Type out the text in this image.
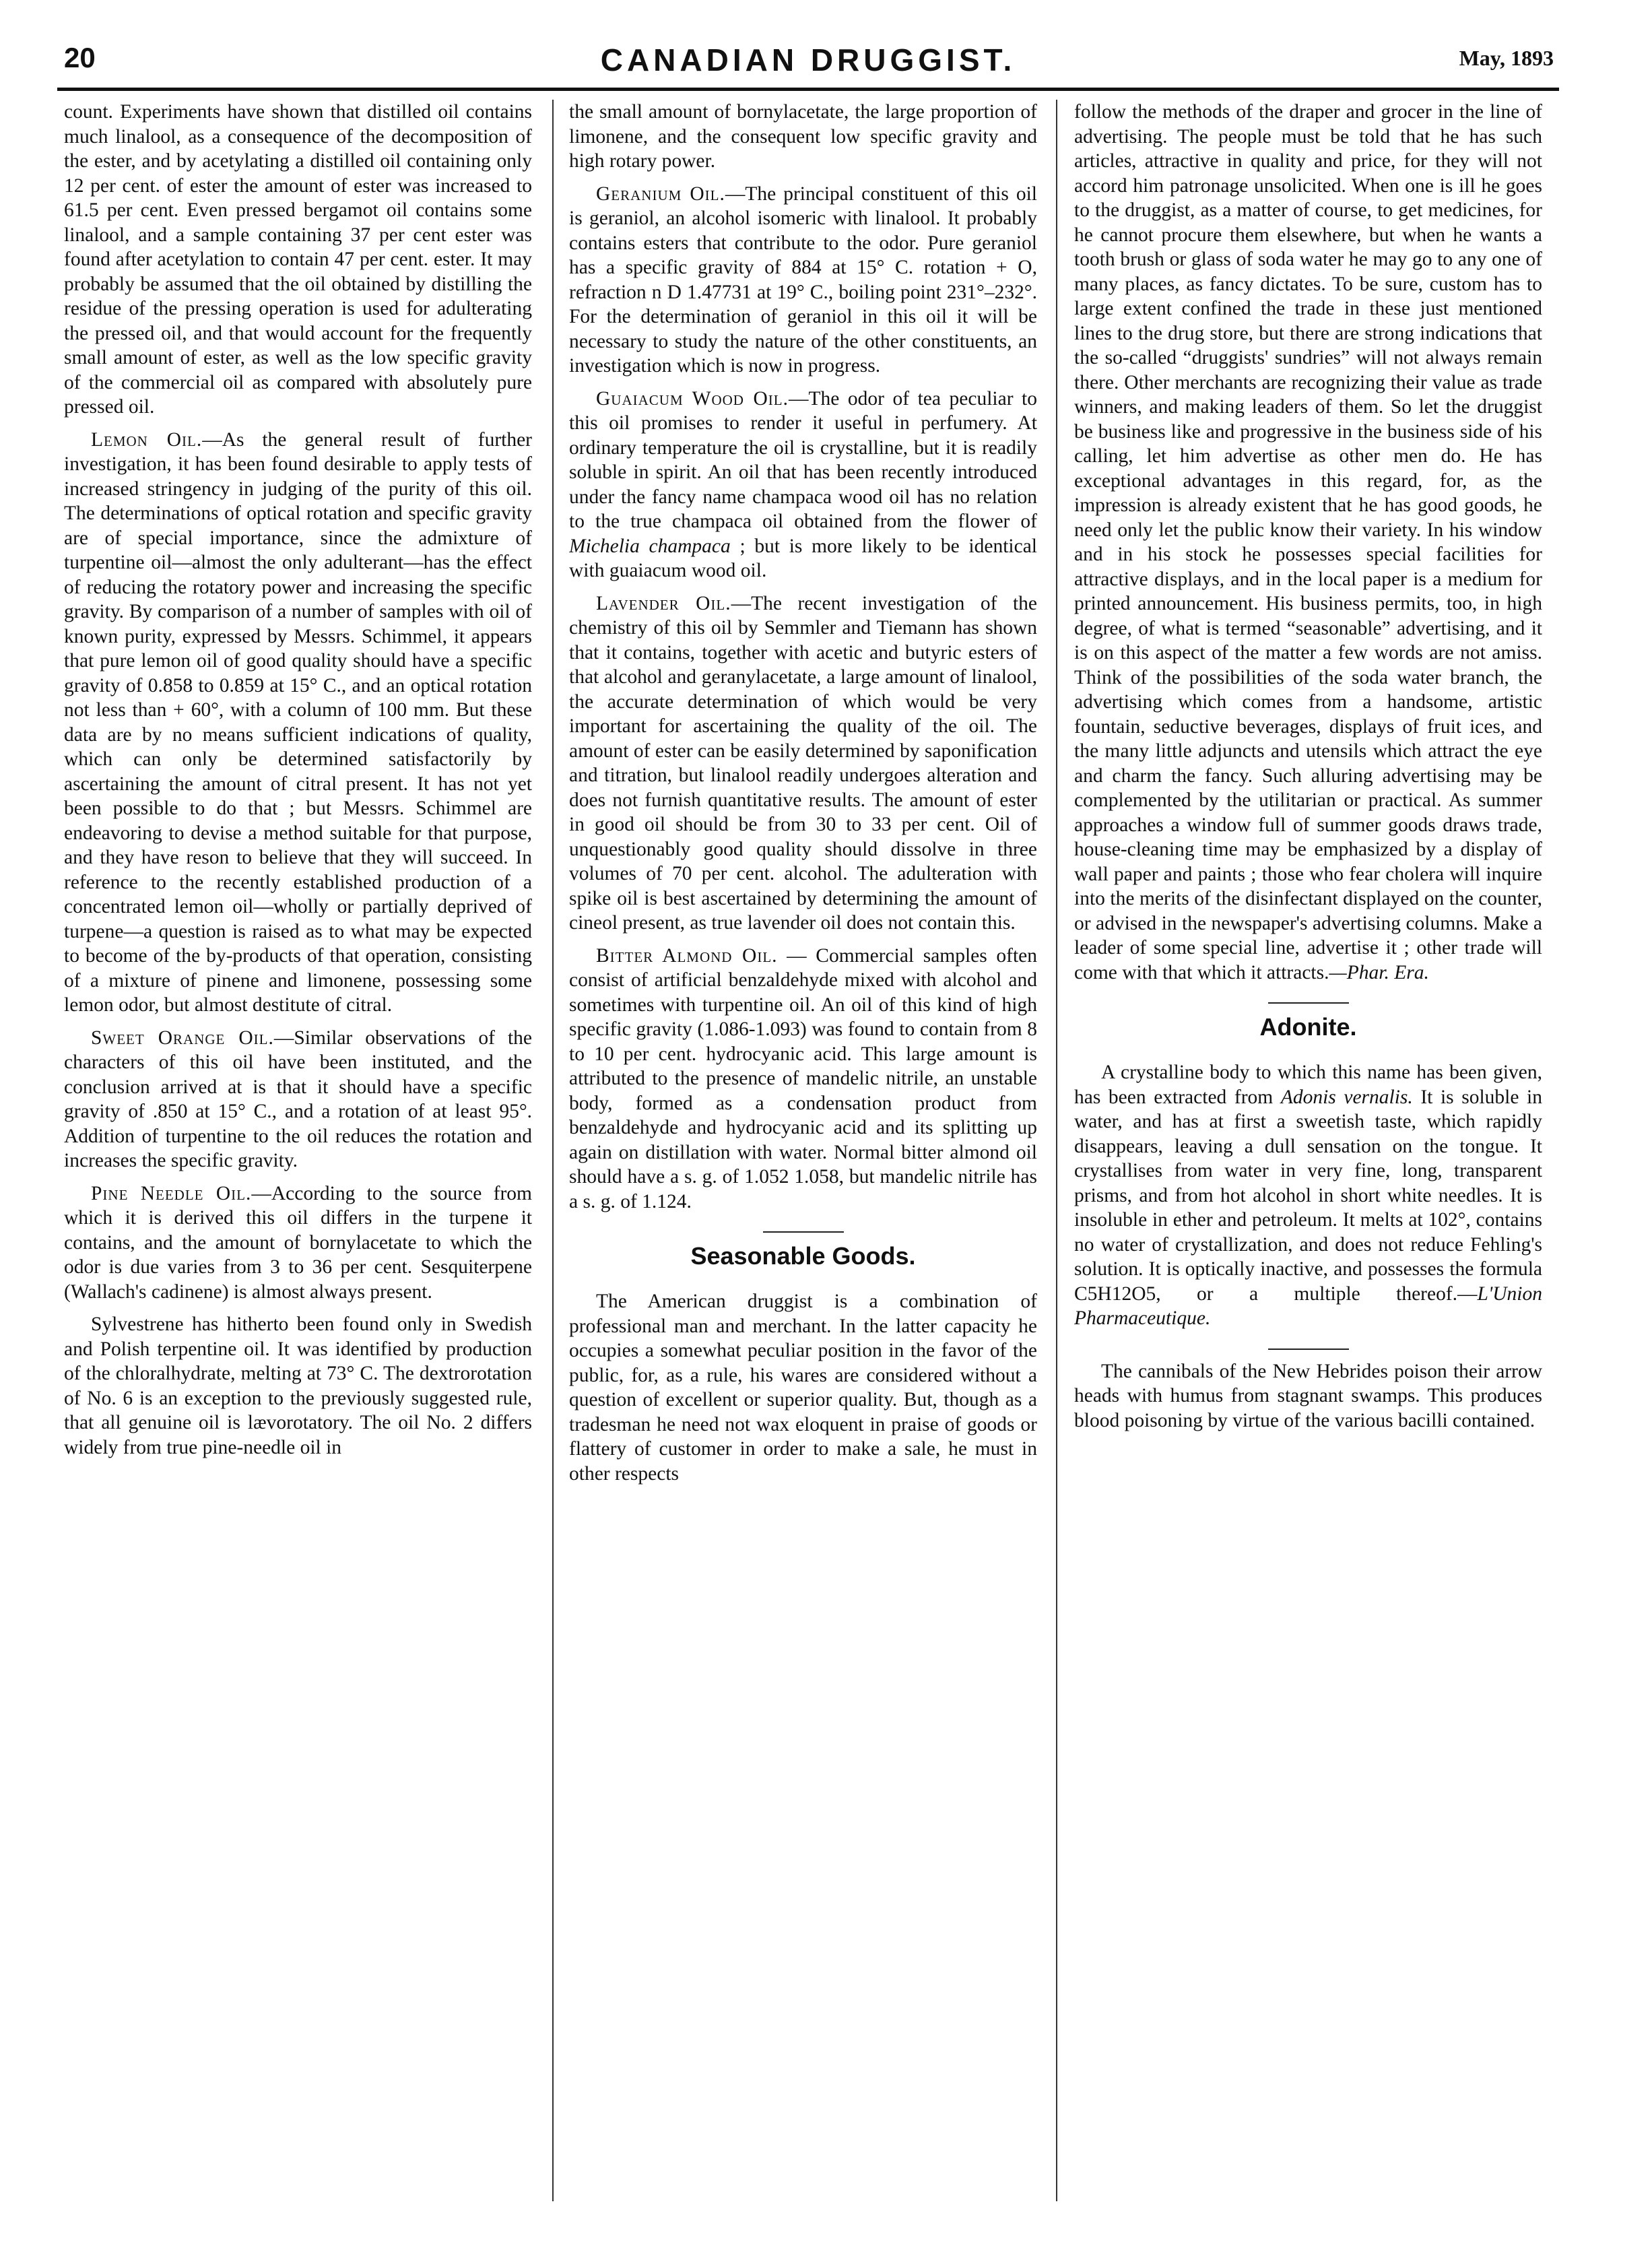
20	CANADIAN DRUGGIST.	May, 1893

count. Experiments have shown that distilled oil contains much linalool, as a consequence of the decomposition of the ester, and by acetylating a distilled oil containing only 12 per cent. of ester the amount of ester was increased to 61.5 per cent. Even pressed bergamot oil contains some linalool, and a sample containing 37 per cent ester was found after acetylation to contain 47 per cent. ester. It may probably be assumed that the oil obtained by distilling the residue of the pressing operation is used for adulterating the pressed oil, and that would account for the frequently small amount of ester, as well as the low specific gravity of the commercial oil as compared with absolutely pure pressed oil.

Lemon Oil.—As the general result of further investigation, it has been found desirable to apply tests of increased stringency in judging of the purity of this oil. The determinations of optical rotation and specific gravity are of special importance, since the admixture of turpentine oil—almost the only adulterant—has the effect of reducing the rotatory power and increasing the specific gravity. By comparison of a number of samples with oil of known purity, expressed by Messrs. Schimmel, it appears that pure lemon oil of good quality should have a specific gravity of 0.858 to 0.859 at 15° C., and an optical rotation not less than + 60°, with a column of 100 mm. But these data are by no means sufficient indications of quality, which can only be determined satisfactorily by ascertaining the amount of citral present. It has not yet been possible to do that ; but Messrs. Schimmel are endeavoring to devise a method suitable for that purpose, and they have reson to believe that they will succeed. In reference to the recently established production of a concentrated lemon oil—wholly or partially deprived of turpene—a question is raised as to what may be expected to become of the by-products of that operation, consisting of a mixture of pinene and limonene, possessing some lemon odor, but almost destitute of citral.

Sweet Orange Oil.—Similar observations of the characters of this oil have been instituted, and the conclusion arrived at is that it should have a specific gravity of .850 at 15° C., and a rotation of at least 95°. Addition of turpentine to the oil reduces the rotation and increases the specific gravity.

Pine Needle Oil.—According to the source from which it is derived this oil differs in the turpene it contains, and the amount of bornylacetate to which the odor is due varies from 3 to 36 per cent. Sesquiterpene (Wallach's cadinene) is almost always present.

Sylvestrene has hitherto been found only in Swedish and Polish terpentine oil. It was identified by production of the chloralhydrate, melting at 73° C. The dextrorotation of No. 6 is an exception to the previously suggested rule, that all genuine oil is lævorotatory. The oil No. 2 differs widely from true pine-needle oil in

the small amount of bornylacetate, the large proportion of limonene, and the consequent low specific gravity and high rotary power.

Geranium Oil.—The principal constituent of this oil is geraniol, an alcohol isomeric with linalool. It probably contains esters that contribute to the odor. Pure geraniol has a specific gravity of 884 at 15° C. rotation + O, refraction n D 1.47731 at 19° C., boiling point 231°–232°. For the determination of geraniol in this oil it will be necessary to study the nature of the other constituents, an investigation which is now in progress.

Guaiacum Wood Oil.—The odor of tea peculiar to this oil promises to render it useful in perfumery. At ordinary temperature the oil is crystalline, but it is readily soluble in spirit. An oil that has been recently introduced under the fancy name champaca wood oil has no relation to the true champaca oil obtained from the flower of Michelia champaca ; but is more likely to be identical with guaiacum wood oil.

Lavender Oil.—The recent investigation of the chemistry of this oil by Semmler and Tiemann has shown that it contains, together with acetic and butyric esters of that alcohol and geranylacetate, a large amount of linalool, the accurate determination of which would be very important for ascertaining the quality of the oil. The amount of ester can be easily determined by saponification and titration, but linalool readily undergoes alteration and does not furnish quantitative results. The amount of ester in good oil should be from 30 to 33 per cent. Oil of unquestionably good quality should dissolve in three volumes of 70 per cent. alcohol. The adulteration with spike oil is best ascertained by determining the amount of cineol present, as true lavender oil does not contain this.

Bitter Almond Oil. — Commercial samples often consist of artificial benzaldehyde mixed with alcohol and sometimes with turpentine oil. An oil of this kind of high specific gravity (1.086-1.093) was found to contain from 8 to 10 per cent. hydrocyanic acid. This large amount is attributed to the presence of mandelic nitrile, an unstable body, formed as a condensation product from benzaldehyde and hydrocyanic acid and its splitting up again on distillation with water. Normal bitter almond oil should have a s. g. of 1.052 1.058, but mandelic nitrile has a s. g. of 1.124.

Seasonable Goods.

The American druggist is a combination of professional man and merchant. In the latter capacity he occupies a somewhat peculiar position in the favor of the public, for, as a rule, his wares are considered without a question of excellent or superior quality. But, though as a tradesman he need not wax eloquent in praise of goods or flattery of customer in order to make a sale, he must in other respects

follow the methods of the draper and grocer in the line of advertising. The people must be told that he has such articles, attractive in quality and price, for they will not accord him patronage unsolicited. When one is ill he goes to the druggist, as a matter of course, to get medicines, for he cannot procure them elsewhere, but when he wants a tooth brush or glass of soda water he may go to any one of many places, as fancy dictates. To be sure, custom has to large extent confined the trade in these just mentioned lines to the drug store, but there are strong indications that the so-called “druggists' sundries” will not always remain there. Other merchants are recognizing their value as trade winners, and making leaders of them. So let the druggist be business like and progressive in the business side of his calling, let him advertise as other men do. He has exceptional advantages in this regard, for, as the impression is already existent that he has good goods, he need only let the public know their variety. In his window and in his stock he possesses special facilities for attractive displays, and in the local paper is a medium for printed announcement. His business permits, too, in high degree, of what is termed “seasonable” advertising, and it is on this aspect of the matter a few words are not amiss. Think of the possibilities of the soda water branch, the advertising which comes from a handsome, artistic fountain, seductive beverages, displays of fruit ices, and the many little adjuncts and utensils which attract the eye and charm the fancy. Such alluring advertising may be complemented by the utilitarian or practical. As summer approaches a window full of summer goods draws trade, house-cleaning time may be emphasized by a display of wall paper and paints ; those who fear cholera will inquire into the merits of the disinfectant displayed on the counter, or advised in the newspaper's advertising columns. Make a leader of some special line, advertise it ; other trade will come with that which it attracts.—Phar. Era.

Adonite.

A crystalline body to which this name has been given, has been extracted from Adonis vernalis. It is soluble in water, and has at first a sweetish taste, which rapidly disappears, leaving a dull sensation on the tongue. It crystallises from water in very fine, long, transparent prisms, and from hot alcohol in short white needles. It is insoluble in ether and petroleum. It melts at 102°, contains no water of crystallization, and does not reduce Fehling's solution. It is optically inactive, and possesses the formula C5H12O5, or a multiple thereof.—L'Union Pharmaceutique.

The cannibals of the New Hebrides poison their arrow heads with humus from stagnant swamps. This produces blood poisoning by virtue of the various bacilli contained.
